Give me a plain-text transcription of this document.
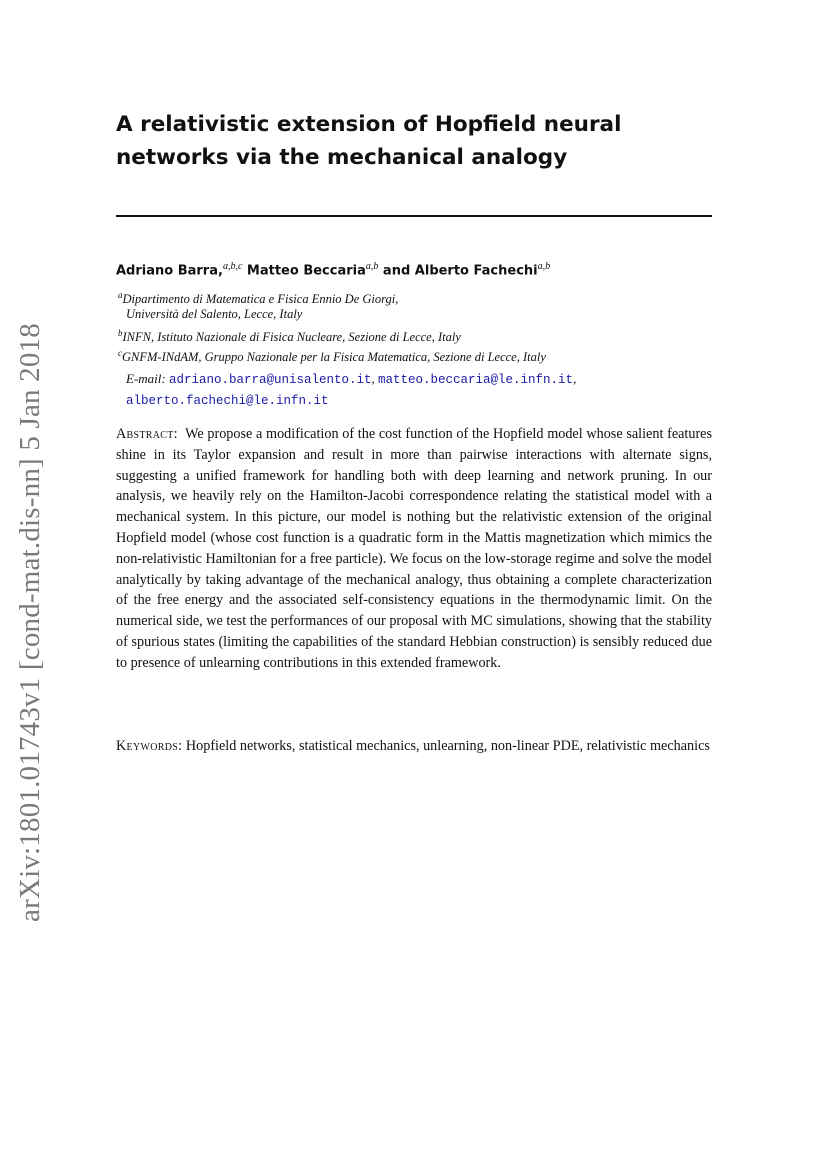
arXiv:1801.01743v1 [cond-mat.dis-nn] 5 Jan 2018
A relativistic extension of Hopfield neural networks via the mechanical analogy
Adriano Barra,$^{a,b,c}$ Matteo Beccaria$^{a,b}$ and Alberto Fachechi$^{a,b}$
$^a$Dipartimento di Matematica e Fisica Ennio De Giorgi,
Università del Salento, Lecce, Italy
$^b$INFN, Istituto Nazionale di Fisica Nucleare, Sezione di Lecce, Italy
$^c$GNFM-INdAM, Gruppo Nazionale per la Fisica Matematica, Sezione di Lecce, Italy
E-mail: adriano.barra@unisalento.it, matteo.beccaria@le.infn.it,
alberto.fachechi@le.infn.it

Abstract: We propose a modification of the cost function of the Hopfield model whose salient features shine in its Taylor expansion and result in more than pairwise interactions with alternate signs, suggesting a unified framework for handling both with deep learning and network pruning. In our analysis, we heavily rely on the Hamilton-Jacobi correspondence relating the statistical model with a mechanical system. In this picture, our model is nothing but the relativistic extension of the original Hopfield model (whose cost function is a quadratic form in the Mattis magnetization which mimics the non-relativistic Hamiltonian for a free particle). We focus on the low-storage regime and solve the model analytically by taking advantage of the mechanical analogy, thus obtaining a complete characterization of the free energy and the associated self-consistency equations in the thermodynamic limit. On the numerical side, we test the performances of our proposal with MC simulations, showing that the stability of spurious states (limiting the capabilities of the standard Hebbian construction) is sensibly reduced due to presence of unlearning contributions in this extended framework.

Keywords: Hopfield networks, statistical mechanics, unlearning, non-linear PDE, relativistic mechanics
